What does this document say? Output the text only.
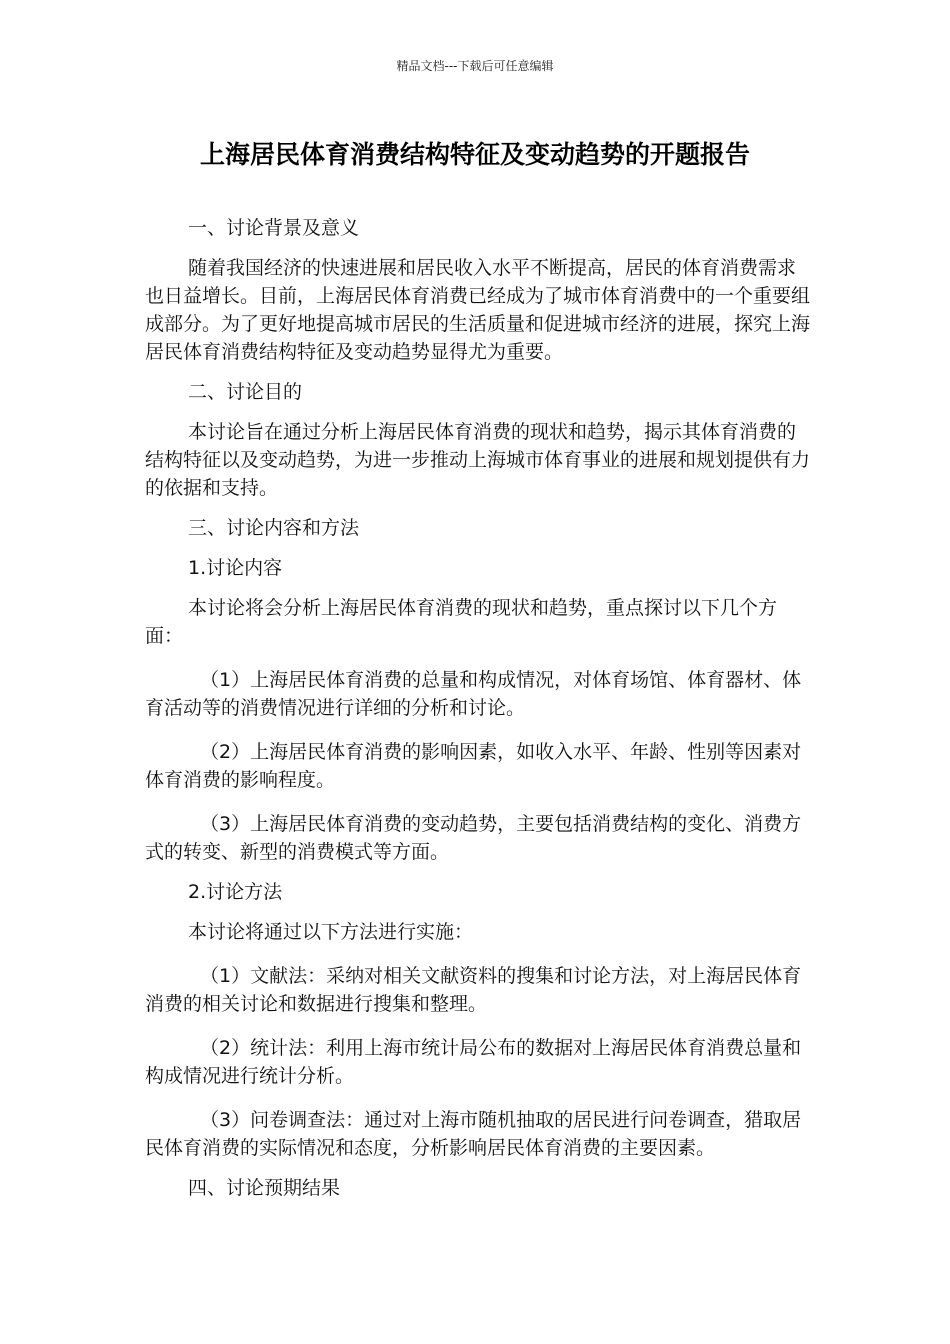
精品文档---下载后可任意编辑
上海居民体育消费结构特征及变动趋势的开题报告

一、讨论背景及意义

随着我国经济的快速进展和居民收入水平不断提高，居民的体育消费需求也日益增长。目前，上海居民体育消费已经成为了城市体育消费中的一个重要组成部分。为了更好地提高城市居民的生活质量和促进城市经济的进展，探究上海居民体育消费结构特征及变动趋势显得尤为重要。

二、讨论目的

本讨论旨在通过分析上海居民体育消费的现状和趋势，揭示其体育消费的结构特征以及变动趋势，为进一步推动上海城市体育事业的进展和规划提供有力的依据和支持。

三、讨论内容和方法

1.讨论内容

本讨论将会分析上海居民体育消费的现状和趋势，重点探讨以下几个方面：

（1）上海居民体育消费的总量和构成情况，对体育场馆、体育器材、体育活动等的消费情况进行详细的分析和讨论。

（2）上海居民体育消费的影响因素，如收入水平、年龄、性别等因素对体育消费的影响程度。

（3）上海居民体育消费的变动趋势，主要包括消费结构的变化、消费方式的转变、新型的消费模式等方面。

2.讨论方法

本讨论将通过以下方法进行实施：

（1）文献法：采纳对相关文献资料的搜集和讨论方法，对上海居民体育消费的相关讨论和数据进行搜集和整理。

（2）统计法：利用上海市统计局公布的数据对上海居民体育消费总量和构成情况进行统计分析。

（3）问卷调查法：通过对上海市随机抽取的居民进行问卷调查，猎取居民体育消费的实际情况和态度，分析影响居民体育消费的主要因素。

四、讨论预期结果
